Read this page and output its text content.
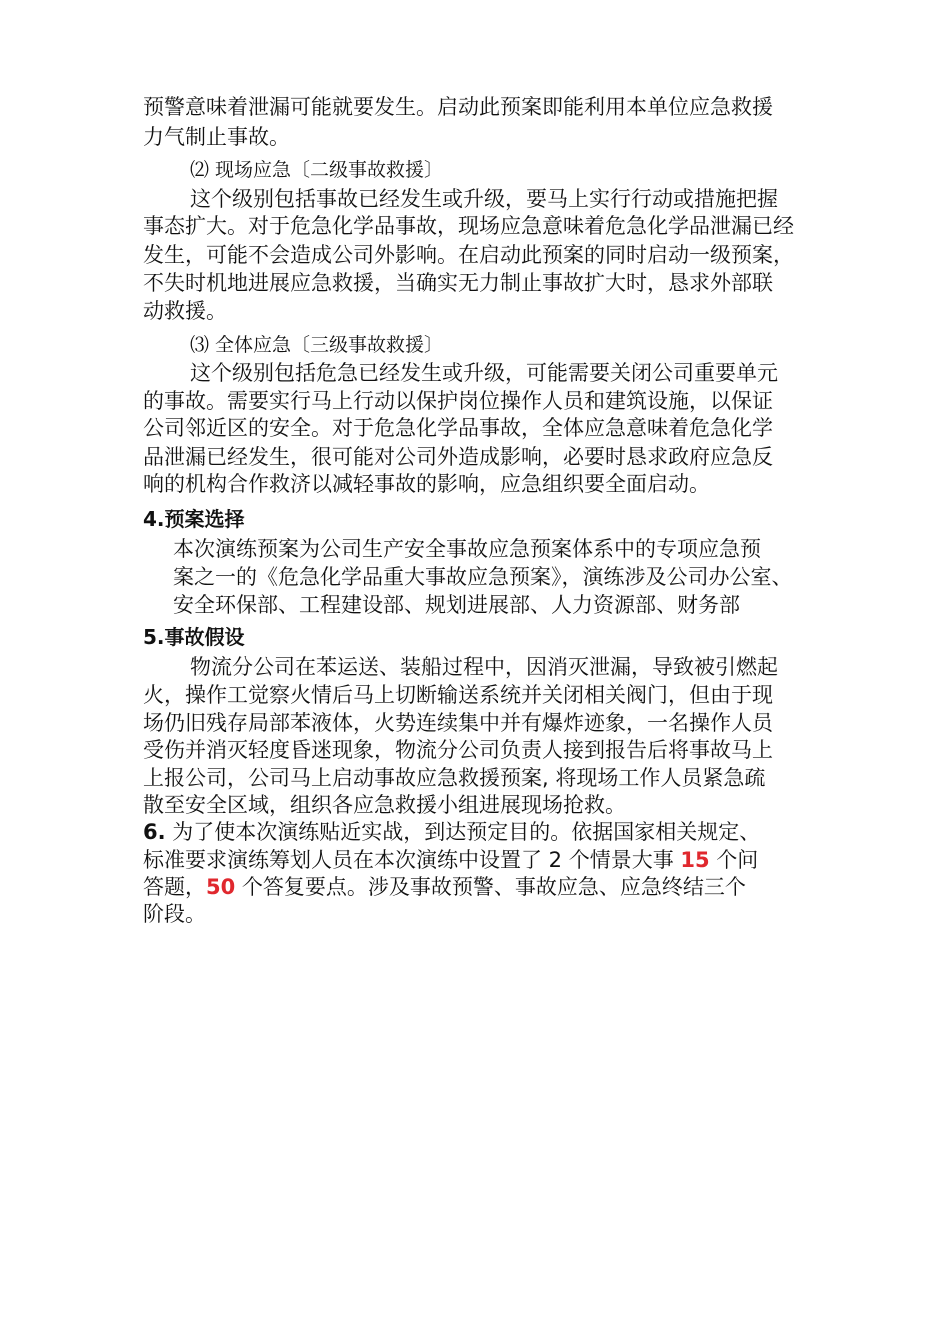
预警意味着泄漏可能就要发生。启动此预案即能利用本单位应急救援
力气制止事故。
⑵ 现场应急〔二级事故救援〕
这个级别包括事故已经发生或升级，要马上实行行动或措施把握
事态扩大。对于危急化学品事故，现场应急意味着危急化学品泄漏已经
发生，可能不会造成公司外影响。在启动此预案的同时启动一级预案，
不失时机地进展应急救援，当确实无力制止事故扩大时，恳求外部联
动救援。
⑶ 全体应急〔三级事故救援〕
这个级别包括危急已经发生或升级，可能需要关闭公司重要单元
的事故。需要实行马上行动以保护岗位操作人员和建筑设施，以保证
公司邻近区的安全。对于危急化学品事故，全体应急意味着危急化学
品泄漏已经发生，很可能对公司外造成影响，必要时恳求政府应急反
响的机构合作救济以减轻事故的影响，应急组织要全面启动。
4.预案选择
本次演练预案为公司生产安全事故应急预案体系中的专项应急预
案之一的《危急化学品重大事故应急预案》，演练涉及公司办公室、
安全环保部、工程建设部、规划进展部、人力资源部、财务部
5.事故假设
物流分公司在苯运送、装船过程中，因消灭泄漏，导致被引燃起
火，操作工觉察火情后马上切断输送系统并关闭相关阀门，但由于现
场仍旧残存局部苯液体，火势连续集中并有爆炸迹象，一名操作人员
受伤并消灭轻度昏迷现象，物流分公司负责人接到报告后将事故马上
上报公司，公司马上启动事故应急救援预案, 将现场工作人员紧急疏
散至安全区域，组织各应急救援小组进展现场抢救。
6. 为了使本次演练贴近实战，到达预定目的。依据国家相关规定、
标准要求演练筹划人员在本次演练中设置了 2 个情景大事 15 个问
答题，50 个答复要点。涉及事故预警、事故应急、应急终结三个
阶段。
